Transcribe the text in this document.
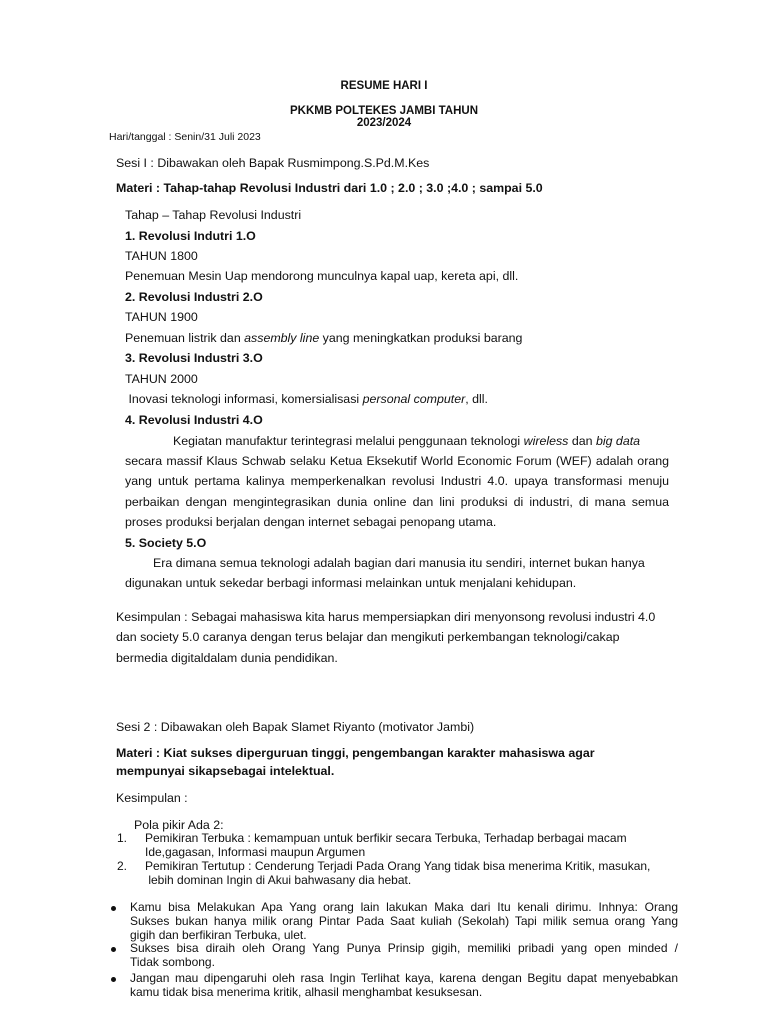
RESUME HARI I
PKKMB POLTEKES JAMBI TAHUN
2023/2024
Hari/tanggal : Senin/31 Juli 2023
Sesi I : Dibawakan oleh Bapak Rusmimpong.S.Pd.M.Kes
Materi : Tahap-tahap Revolusi Industri dari 1.0 ; 2.0 ; 3.0 ;4.0 ; sampai 5.0
Tahap – Tahap Revolusi Industri
1. Revolusi Indutri 1.O
TAHUN 1800
Penemuan Mesin Uap mendorong munculnya kapal uap, kereta api, dll.
2. Revolusi Industri 2.O
TAHUN 1900
Penemuan listrik dan assembly line yang meningkatkan produksi barang
3. Revolusi Industri 3.O
TAHUN 2000
Inovasi teknologi informasi, komersialisasi personal computer, dll.
4. Revolusi Industri 4.O
Kegiatan manufaktur terintegrasi melalui penggunaan teknologi wireless dan big data
secara massif Klaus Schwab selaku Ketua Eksekutif World Economic Forum (WEF) adalah orang
yang untuk pertama kalinya memperkenalkan revolusi Industri 4.0. upaya transformasi menuju
perbaikan dengan mengintegrasikan dunia online dan lini produksi di industri, di mana semua
proses produksi berjalan dengan internet sebagai penopang utama.
5. Society 5.O
Era dimana semua teknologi adalah bagian dari manusia itu sendiri, internet bukan hanya
digunakan untuk sekedar berbagi informasi melainkan untuk menjalani kehidupan.
Kesimpulan : Sebagai mahasiswa kita harus mempersiapkan diri menyonsong revolusi industri 4.0
dan society 5.0 caranya dengan terus belajar dan mengikuti perkembangan teknologi/cakap
bermedia digitaldalam dunia pendidikan.
Sesi 2 : Dibawakan oleh Bapak Slamet Riyanto (motivator Jambi)
Materi : Kiat sukses diperguruan tinggi, pengembangan karakter mahasiswa agar
mempunyai sikapsebagai intelektual.
Kesimpulan :
Pola pikir Ada 2:
1. Pemikiran Terbuka : kemampuan untuk berfikir secara Terbuka, Terhadap berbagai macam
Ide,gagasan, Informasi maupun Argumen
2. Pemikiran Tertutup : Cenderung Terjadi Pada Orang Yang tidak bisa menerima Kritik, masukan,
lebih dominan Ingin di Akui bahwasany dia hebat.
Kamu bisa Melakukan Apa Yang orang lain lakukan Maka dari Itu kenali dirimu. Inhnya: Orang
Sukses bukan hanya milik orang Pintar Pada Saat kuliah (Sekolah) Tapi milik semua orang Yang
gigih dan berfikiran Terbuka, ulet.
Sukses bisa diraih oleh Orang Yang Punya Prinsip gigih, memiliki pribadi yang open minded /
Tidak sombong.
Jangan mau dipengaruhi oleh rasa Ingin Terlihat kaya, karena dengan Begitu dapat menyebabkan
kamu tidak bisa menerima kritik, alhasil menghambat kesuksesan.
